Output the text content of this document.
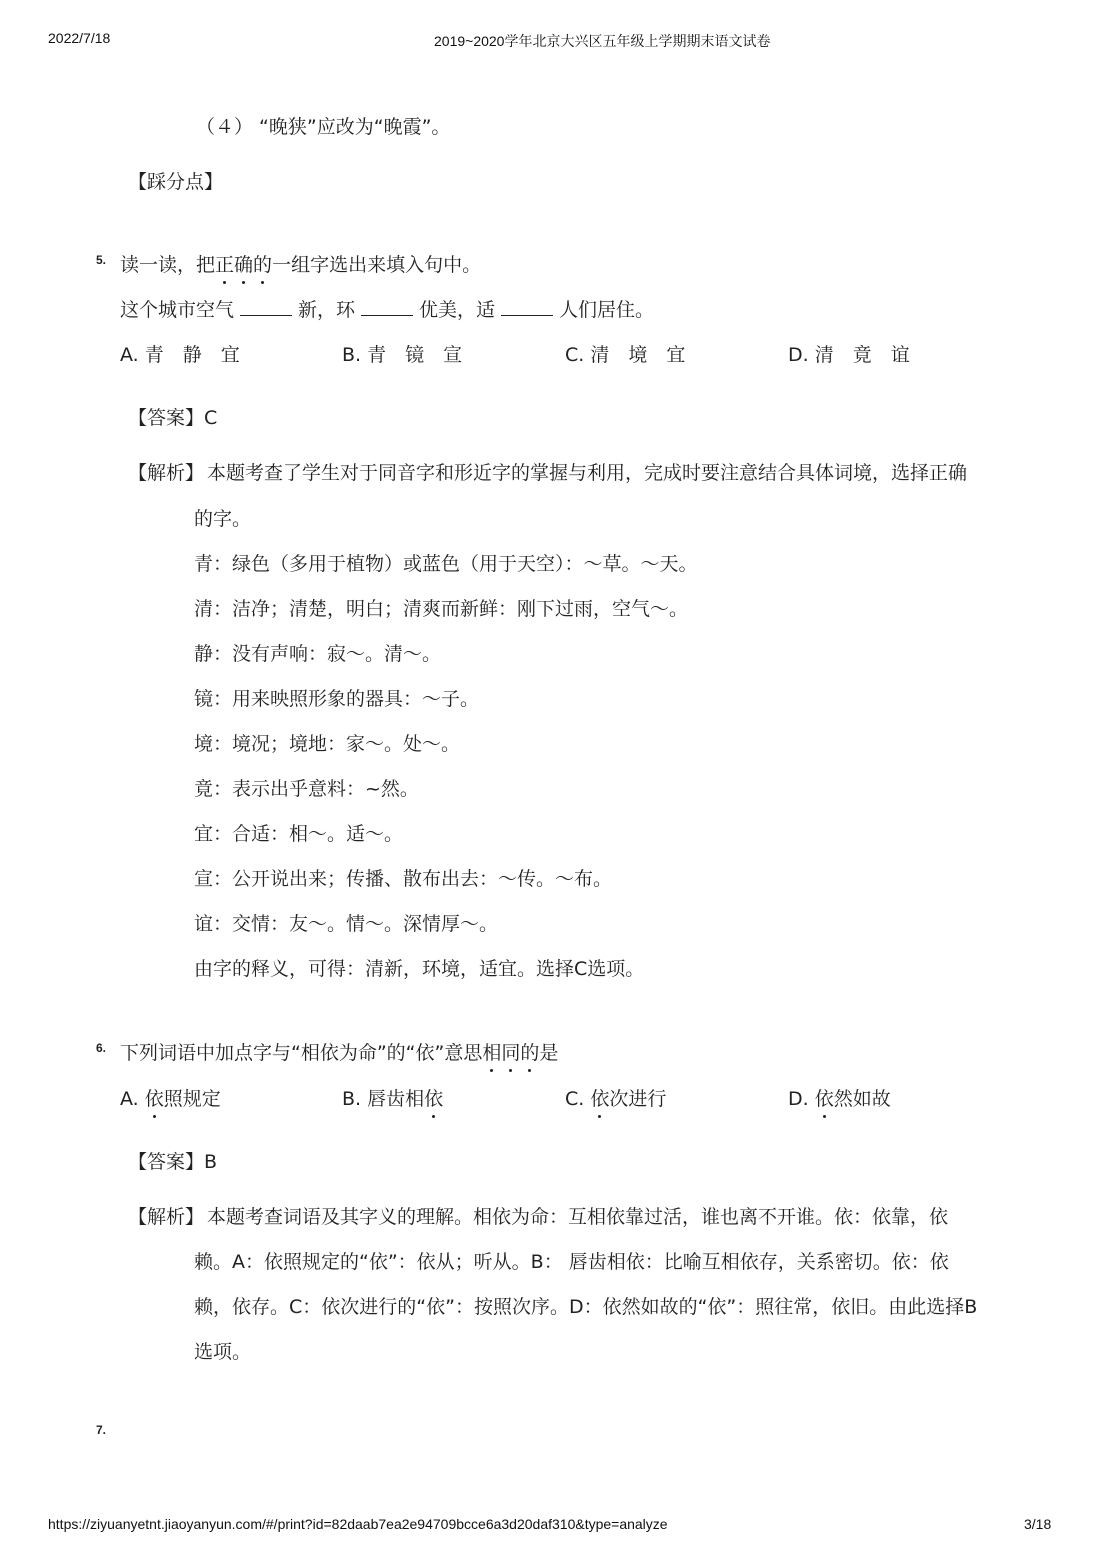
2022/7/18	2019~2020学年北京大兴区五年级上学期期末语文试卷
（４） “晚狭”应改为“晚霞”。
【踩分点】
5. 读一读，把正确的一组字选出来填入句中。
这个城市空气	新，环	优美，适	人们居住。
A. 青　静　宜	B. 青　镜　宣	C. 清　境　宜	D. 清　竟　谊
【答案】C
【解析】 本题考查了学生对于同音字和形近字的掌握与利用，完成时要注意结合具体词境，选择正确
的字。
青：绿色（多用于植物）或蓝色（用于天空）：～草。～天。
清：洁净；清楚，明白；清爽而新鲜：刚下过雨，空气～。
静：没有声响：寂～。清～。
镜：用来映照形象的器具：～子。
境：境况；境地：家～。处～。
竟：表示出乎意料：~然。
宜：合适：相～。适～。
宣：公开说出来；传播、散布出去：～传。～布。
谊：交情：友～。情～。深情厚～。
由字的释义，可得：清新，环境，适宜。选择C选项。
6. 下列词语中加点字与“相依为命”的“依”意思相同的是
A. 依照规定	B. 唇齿相依	C. 依次进行	D. 依然如故
【答案】B
【解析】 本题考查词语及其字义的理解。相依为命：互相依靠过活，谁也离不开谁。依：依靠，依
赖。A：依照规定的“依”：依从；听从。B： 唇齿相依：比喻互相依存，关系密切。依：依
赖，依存。C：依次进行的“依”：按照次序。D：依然如故的“依”：照往常，依旧。由此选择B
选项。
7.
https://ziyuanyetnt.jiaoyanyun.com/#/print?id=82daab7ea2e94709bcce6a3d20daf310&type=analyze	3/18
